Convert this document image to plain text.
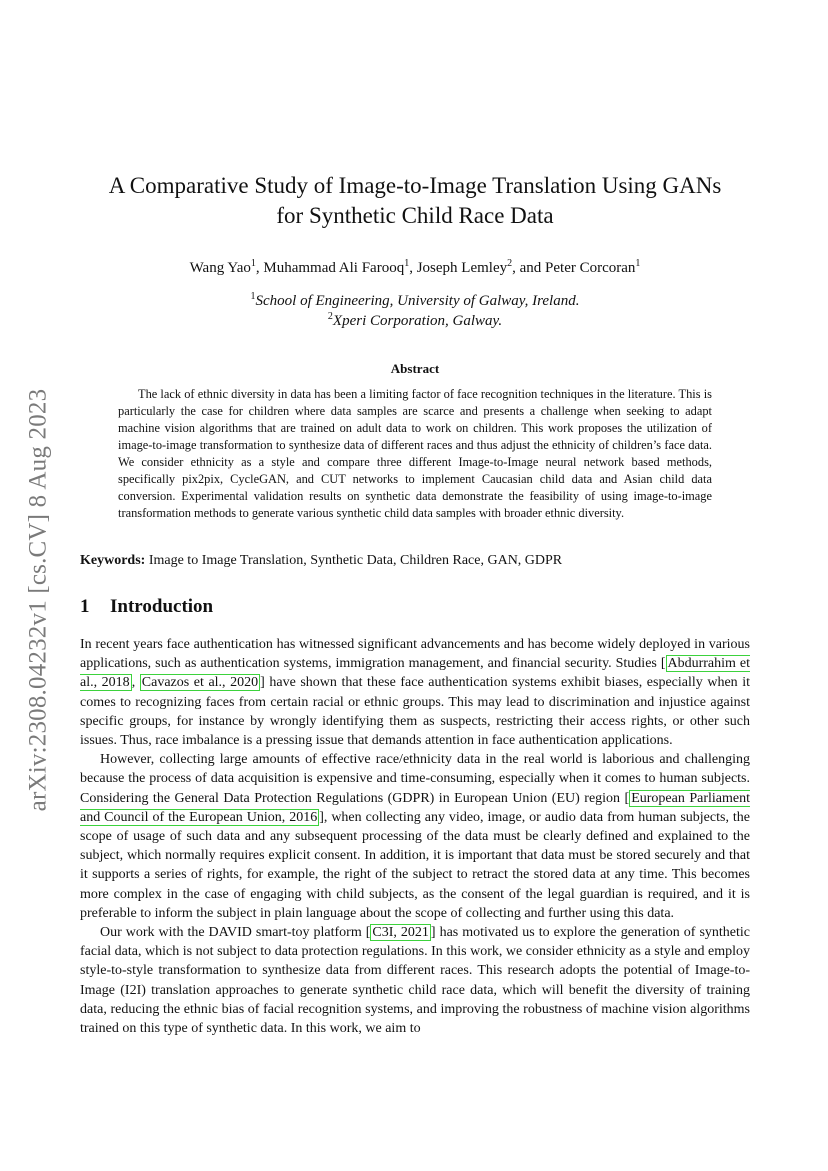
arXiv:2308.04232v1 [cs.CV] 8 Aug 2023
A Comparative Study of Image-to-Image Translation Using GANs
for Synthetic Child Race Data
Wang Yao$^1$, Muhammad Ali Farooq$^1$, Joseph Lemley$^2$, and Peter Corcoran$^1$
$^1$School of Engineering, University of Galway, Ireland.
$^2$Xperi Corporation, Galway.
Abstract

The lack of ethnic diversity in data has been a limiting factor of face recognition techniques in the literature. This is particularly the case for children where data samples are scarce and presents a challenge when seeking to adapt machine vision algorithms that are trained on adult data to work on children. This work proposes the utilization of image-to-image transformation to synthesize data of different races and thus adjust the ethnicity of children’s face data. We consider ethnicity as a style and compare three different Image-to-Image neural network based methods, specifically pix2pix, CycleGAN, and CUT networks to implement Caucasian child data and Asian child data conversion. Experimental validation results on synthetic data demonstrate the feasibility of using image-to-image transformation methods to generate various synthetic child data samples with broader ethnic diversity.

Keywords: Image to Image Translation, Synthetic Data, Children Race, GAN, GDPR
1 Introduction

In recent years face authentication has witnessed significant advancements and has become widely deployed in various applications, such as authentication systems, immigration management, and financial security. Studies [ Abdurrahim et al., 2018 , Cavazos et al., 2020 ] have shown that these face authentication systems exhibit biases, especially when it comes to recognizing faces from certain racial or ethnic groups. This may lead to discrimination and injustice against specific groups, for instance by wrongly identifying them as suspects, restricting their access rights, or other such issues. Thus, race imbalance is a pressing issue that demands attention in face authentication applications.

However, collecting large amounts of effective race/ethnicity data in the real world is laborious and challenging because the process of data acquisition is expensive and time-consuming, especially when it comes to human subjects. Considering the General Data Protection Regulations (GDPR) in European Union (EU) region [ European Parliament and Council of the European Union, 2016 ], when collecting any video, image, or audio data from human subjects, the scope of usage of such data and any subsequent processing of the data must be clearly defined and explained to the subject, which normally requires explicit consent. In addition, it is important that data must be stored securely and that it supports a series of rights, for example, the right of the subject to retract the stored data at any time. This becomes more complex in the case of engaging with child subjects, as the consent of the legal guardian is required, and it is preferable to inform the subject in plain language about the scope of collecting and further using this data.

Our work with the DAVID smart-toy platform [ C3I, 2021 ] has motivated us to explore the generation of synthetic facial data, which is not subject to data protection regulations. In this work, we consider ethnicity as a style and employ style-to-style transformation to synthesize data from different races. This research adopts the potential of Image-to-Image (I2I) translation approaches to generate synthetic child race data, which will benefit the diversity of training data, reducing the ethnic bias of facial recognition systems, and improving the robustness of machine vision algorithms trained on this type of synthetic data. In this work, we aim to
